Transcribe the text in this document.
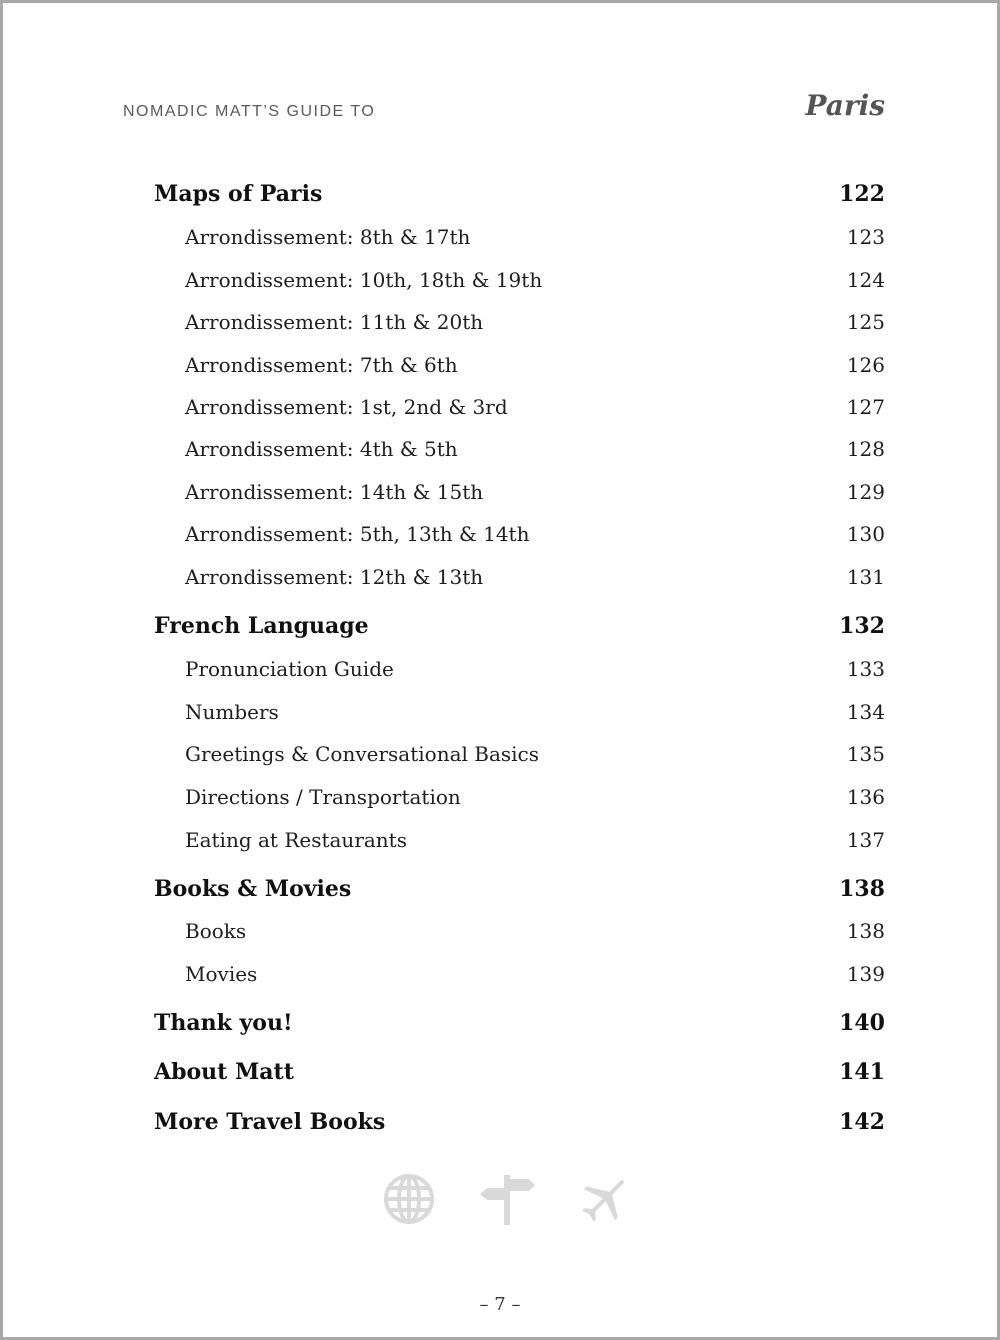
NOMADIC MATT’S GUIDE TO	Paris
Maps of Paris	122
Arrondissement: 8th & 17th	123
Arrondissement: 10th, 18th & 19th	124
Arrondissement: 11th & 20th	125
Arrondissement: 7th & 6th	126
Arrondissement: 1st, 2nd & 3rd	127
Arrondissement: 4th & 5th	128
Arrondissement: 14th & 15th	129
Arrondissement: 5th, 13th & 14th	130
Arrondissement: 12th & 13th	131
French Language	132
Pronunciation Guide	133
Numbers	134
Greetings & Conversational Basics	135
Directions / Transportation	136
Eating at Restaurants	137
Books & Movies	138
Books	138
Movies	139
Thank you!	140
About Matt	141
More Travel Books	142
– 7 –
